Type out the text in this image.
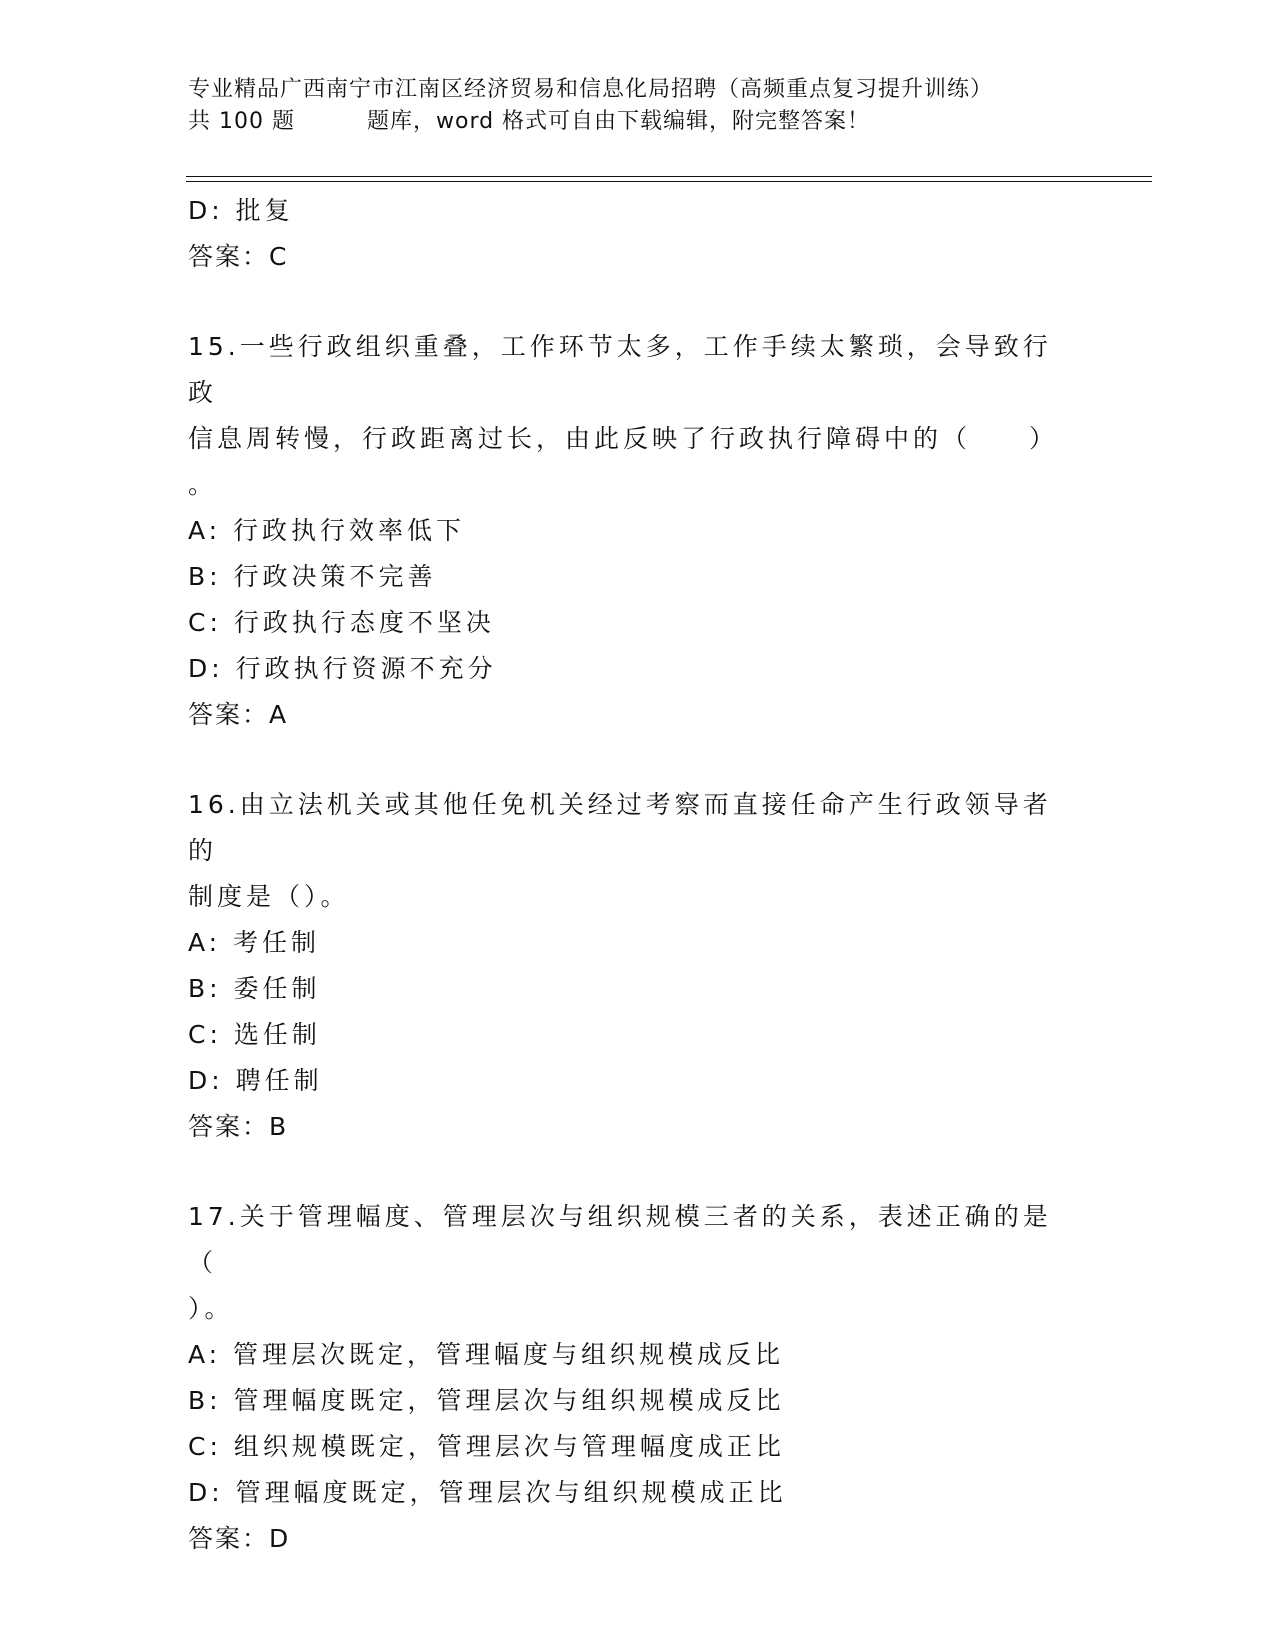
专业精品广西南宁市江南区经济贸易和信息化局招聘（高频重点复习提升训练）
共 100 题	题库，word 格式可自由下载编辑，附完整答案！
D: 批复
答案：C
15.一些行政组织重叠，工作环节太多，工作手续太繁琐，会导致行政
信息周转慢，行政距离过长，由此反映了行政执行障碍中的（　　）
。
A: 行政执行效率低下
B: 行政决策不完善
C: 行政执行态度不坚决
D: 行政执行资源不充分
答案：A
16.由立法机关或其他任免机关经过考察而直接任命产生行政领导者的
制度是（）。
A: 考任制
B: 委任制
C: 选任制
D: 聘任制
答案：B
17.关于管理幅度、管理层次与组织规模三者的关系，表述正确的是（
）。
A: 管理层次既定，管理幅度与组织规模成反比
B: 管理幅度既定，管理层次与组织规模成反比
C: 组织规模既定，管理层次与管理幅度成正比
D: 管理幅度既定，管理层次与组织规模成正比
答案：D
